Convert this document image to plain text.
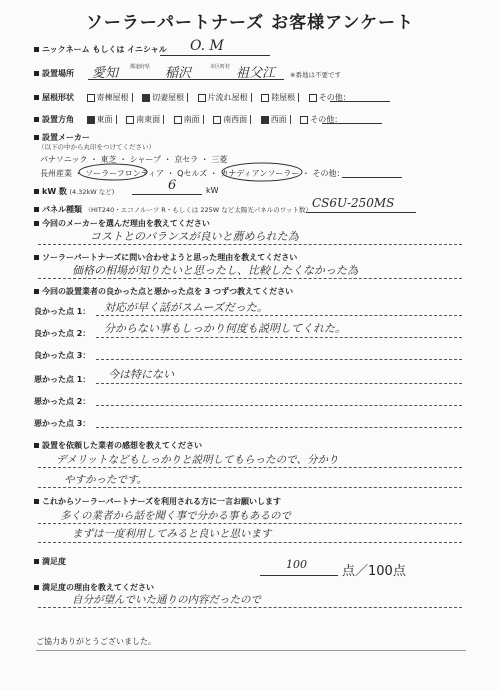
ソーラーパートナーズ お客様アンケート
ニックネーム もしくは イニシャル O. M
設置場所 愛知 都道府県 稲沢	市区町村 祖父江 ※番地は不要です
屋根形状	寄棟屋根	切妻屋根	片流れ屋根	陸屋根	その他：
設置方角	東面	南東面	南面	南西面	西面	その他：
設置メーカー
（以下の中から丸印をつけてください）
パナソニック ・ 東芝 ・ シャープ ・ 京セラ ・ 三菱
長州産業 ・ ソーラーフロンティア ・ Qセルズ ・ カナディアンソーラー ・ その他：
kW 数 (4.32kW など)	6	kW
パネル種類 （HIT240・エコノルーツ R・もしくは 225W など太陽光パネルのワット数） CS6U-250MS
今回のメーカーを選んだ理由を教えてください
コストとのバランスが良いと薦められた為
ソーラーパートナーズに問い合わせようと思った理由を教えてください
価格の相場が知りたいと思ったし、比較したくなかった為
今回の設置業者の良かった点と悪かった点を 3 つずつ教えてください
良かった点 1： 対応が早く話がスムーズだった。
良かった点 2： 分からない事もしっかり何度も説明してくれた。
良かった点 3：
悪かった点 1： 今は特にない
悪かった点 2：
悪かった点 3：
設置を依頼した業者の感想を教えてください
デメリットなどもしっかりと説明してもらったので、分かり
やすかったです。
これからソーラーパートナーズを利用される方に一言お願いします
多くの業者から話を聞く事で分かる事もあるので
まずは一度利用してみると良いと思います
満足度	100	点／100点
満足度の理由を教えてください
自分が望んでいた通りの内容だったので
ご協力ありがとうございました。
